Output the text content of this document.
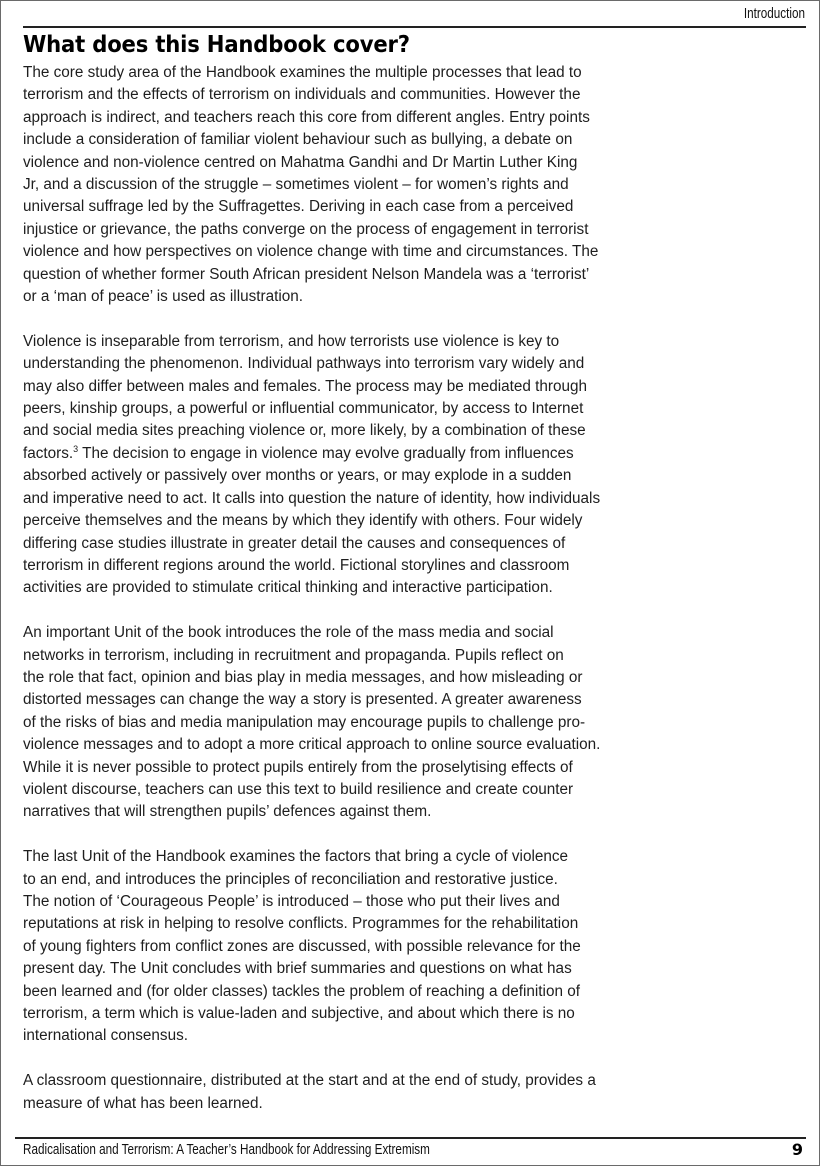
Introduction
What does this Handbook cover?

The core study area of the Handbook examines the multiple processes that lead to
terrorism and the effects of terrorism on individuals and communities. However the
approach is indirect, and teachers reach this core from different angles. Entry points
include a consideration of familiar violent behaviour such as bullying, a debate on
violence and non-violence centred on Mahatma Gandhi and Dr Martin Luther King
Jr, and a discussion of the struggle – sometimes violent – for women’s rights and
universal suffrage led by the Suffragettes. Deriving in each case from a perceived
injustice or grievance, the paths converge on the process of engagement in terrorist
violence and how perspectives on violence change with time and circumstances. The
question of whether former South African president Nelson Mandela was a ‘terrorist’
or a ‘man of peace’ is used as illustration.

Violence is inseparable from terrorism, and how terrorists use violence is key to
understanding the phenomenon. Individual pathways into terrorism vary widely and
may also differ between males and females. The process may be mediated through
peers, kinship groups, a powerful or influential communicator, by access to Internet
and social media sites preaching violence or, more likely, by a combination of these
factors.$^3$ The decision to engage in violence may evolve gradually from influences
absorbed actively or passively over months or years, or may explode in a sudden
and imperative need to act. It calls into question the nature of identity, how individuals
perceive themselves and the means by which they identify with others. Four widely
differing case studies illustrate in greater detail the causes and consequences of
terrorism in different regions around the world. Fictional storylines and classroom
activities are provided to stimulate critical thinking and interactive participation.

An important Unit of the book introduces the role of the mass media and social
networks in terrorism, including in recruitment and propaganda. Pupils reflect on
the role that fact, opinion and bias play in media messages, and how misleading or
distorted messages can change the way a story is presented. A greater awareness
of the risks of bias and media manipulation may encourage pupils to challenge pro-
violence messages and to adopt a more critical approach to online source evaluation.
While it is never possible to protect pupils entirely from the proselytising effects of
violent discourse, teachers can use this text to build resilience and create counter
narratives that will strengthen pupils’ defences against them.

The last Unit of the Handbook examines the factors that bring a cycle of violence
to an end, and introduces the principles of reconciliation and restorative justice.
The notion of ‘Courageous People’ is introduced – those who put their lives and
reputations at risk in helping to resolve conflicts. Programmes for the rehabilitation
of young fighters from conflict zones are discussed, with possible relevance for the
present day. The Unit concludes with brief summaries and questions on what has
been learned and (for older classes) tackles the problem of reaching a definition of
terrorism, a term which is value-laden and subjective, and about which there is no
international consensus.

A classroom questionnaire, distributed at the start and at the end of study, provides a
measure of what has been learned.

Radicalisation and Terrorism: A Teacher’s Handbook for Addressing Extremism	9
